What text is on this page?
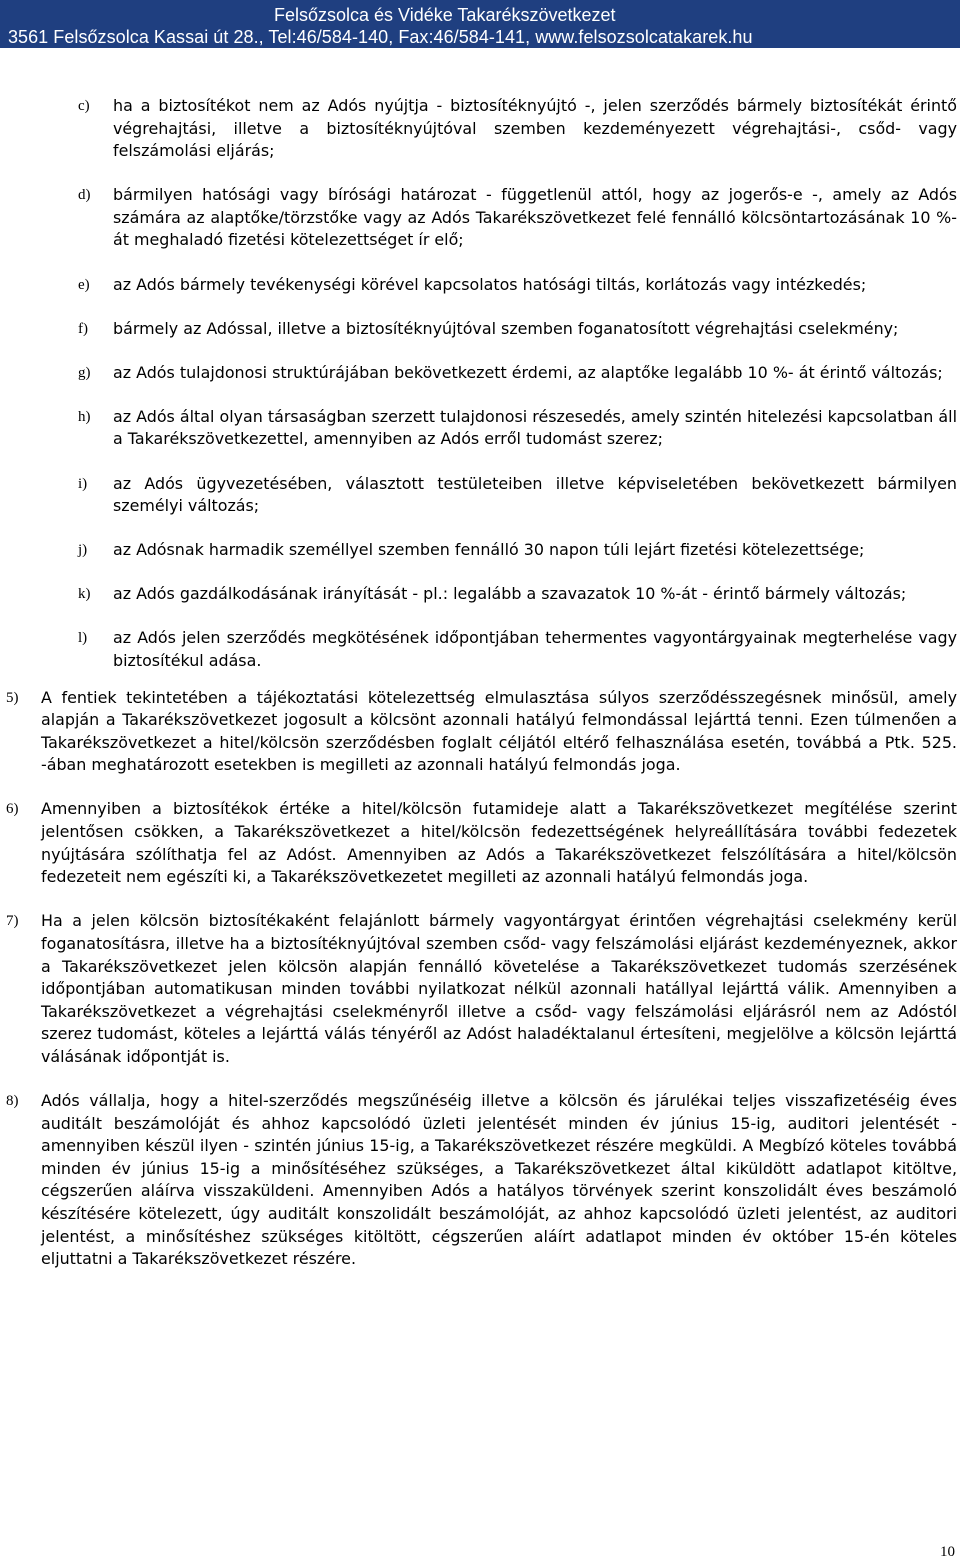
Felsőzsolca és Vidéke Takarékszövetkezet
3561 Felsőzsolca Kassai út 28., Tel:46/584-140, Fax:46/584-141, www.felsozsolcatakarek.hu
c) ha a biztosítékot nem az Adós nyújtja - biztosítéknyújtó -, jelen szerződés bármely biztosítékát érintő végrehajtási, illetve a biztosítéknyújtóval szemben kezdeményezett végrehajtási-, csőd- vagy felszámolási eljárás;
d) bármilyen hatósági vagy bírósági határozat - függetlenül attól, hogy az jogerős-e -, amely az Adós számára az alaptőke/törzstőke vagy az Adós Takarékszövetkezet felé fennálló kölcsöntartozásának 10 %-át meghaladó fizetési kötelezettséget ír elő;
e) az Adós bármely tevékenységi körével kapcsolatos hatósági tiltás, korlátozás vagy intézkedés;
f) bármely az Adóssal, illetve a biztosítéknyújtóval szemben foganatosított végrehajtási cselekmény;
g) az Adós tulajdonosi struktúrájában bekövetkezett érdemi, az alaptőke legalább 10 %- át érintő változás;
h) az Adós által olyan társaságban szerzett tulajdonosi részesedés, amely szintén hitelezési kapcsolatban áll a Takarékszövetkezettel, amennyiben az Adós erről tudomást szerez;
i) az Adós ügyvezetésében, választott testületeiben illetve képviseletében bekövetkezett bármilyen személyi változás;
j) az Adósnak harmadik személlyel szemben fennálló 30 napon túli lejárt fizetési kötelezettsége;
k) az Adós gazdálkodásának irányítását - pl.: legalább a szavazatok 10 %-át - érintő bármely változás;
l) az Adós jelen szerződés megkötésének időpontjában tehermentes vagyontárgyainak megterhelése vagy biztosítékul adása.
5) A fentiek tekintetében a tájékoztatási kötelezettség elmulasztása súlyos szerződésszegésnek minősül, amely alapján a Takarékszövetkezet jogosult a kölcsönt azonnali hatályú felmondással lejárttá tenni. Ezen túlmenően a Takarékszövetkezet a hitel/kölcsön szerződésben foglalt céljától eltérő felhasználása esetén, továbbá a Ptk. 525. -ában meghatározott esetekben is megilleti az azonnali hatályú felmondás joga.
6) Amennyiben a biztosítékok értéke a hitel/kölcsön futamideje alatt a Takarékszövetkezet megítélése szerint jelentősen csökken, a Takarékszövetkezet a hitel/kölcsön fedezettségének helyreállítására további fedezetek nyújtására szólíthatja fel az Adóst. Amennyiben az Adós a Takarékszövetkezet felszólítására a hitel/kölcsön fedezeteit nem egészíti ki, a Takarékszövetkezetet megilleti az azonnali hatályú felmondás joga.
7) Ha a jelen kölcsön biztosítékaként felajánlott bármely vagyontárgyat érintően végrehajtási cselekmény kerül foganatosításra, illetve ha a biztosítéknyújtóval szemben csőd- vagy felszámolási eljárást kezdeményeznek, akkor a Takarékszövetkezet jelen kölcsön alapján fennálló követelése a Takarékszövetkezet tudomás szerzésének időpontjában automatikusan minden további nyilatkozat nélkül azonnali hatállyal lejárttá válik. Amennyiben a Takarékszövetkezet a végrehajtási cselekményről illetve a csőd- vagy felszámolási eljárásról nem az Adóstól szerez tudomást, köteles a lejárttá válás tényéről az Adóst haladéktalanul értesíteni, megjelölve a kölcsön lejárttá válásának időpontját is.
8) Adós vállalja, hogy a hitel-szerződés megszűnéséig illetve a kölcsön és járulékai teljes visszafizetéséig éves auditált beszámolóját és ahhoz kapcsolódó üzleti jelentését minden év június 15-ig, auditori jelentését - amennyiben készül ilyen - szintén június 15-ig, a Takarékszövetkezet részére megküldi. A Megbízó köteles továbbá minden év június 15-ig a minősítéséhez szükséges, a Takarékszövetkezet által kiküldött adatlapot kitöltve, cégszerűen aláírva visszaküldeni. Amennyiben Adós a hatályos törvények szerint konszolidált éves beszámoló készítésére kötelezett, úgy auditált konszolidált beszámolóját, az ahhoz kapcsolódó üzleti jelentést, az auditori jelentést, a minősítéshez szükséges kitöltött, cégszerűen aláírt adatlapot minden év október 15-én köteles eljuttatni a Takarékszövetkezet részére.
10
